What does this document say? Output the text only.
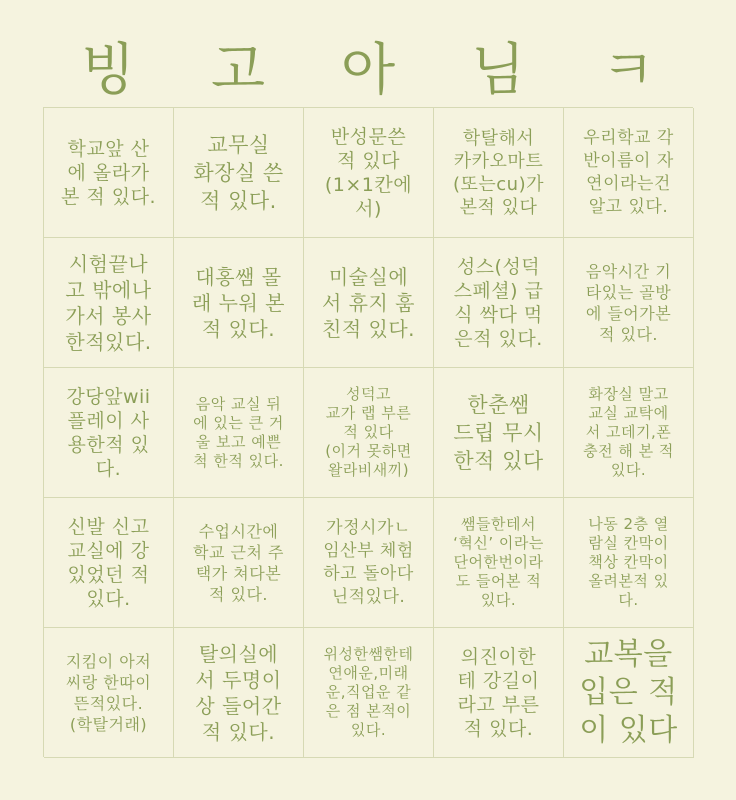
빙	고	아	님	ㅋ
학교앞 산
에 올라가
본 적 있다.
교무실
화장실 쓴
적 있다.
반성문쓴
적 있다
(1×1칸에
서)
학탈해서
카카오마트
(또는cu)가
본적 있다
우리학교 각
반이름이 자
연이라는건
알고 있다.
시험끝나
고 밖에나
가서 봉사
한적있다.
대홍쌤 몰
래 누워 본
적 있다.
미술실에
서 휴지 훔
친적 있다.
성스(성덕
스페셜) 급
식 싹다 먹
은적 있다.
음악시간 기
타있는 골방
에 들어가본
적 있다.
강당앞wii
플레이 사
용한적 있
다.
음악 교실 뒤
에 있는 큰 거
울 보고 예쁜
척 한적 있다.
성덕고
교가 랩 부른
적 있다
(이거 못하면
왈라비새끼)
한춘쌤
드립 무시
한적 있다
화장실 말고
교실 교탁에
서 고데기,폰
충전 해 본 적
있다.
신발 신고
교실에 강
있었던 적
있다.
수업시간에
학교 근처 주
택가 쳐다본
적 있다.
가정시가ㄴ
임산부 체험
하고 돌아다
닌적있다.
쌤들한테서
‘혁신’ 이라는
단어한번이라
도 들어본 적
있다.
나동 2층 열
람실 칸막이
책상 칸막이
올려본적 있
다.
지킴이 아저
씨랑 한따이
뜬적있다.
(학탈거래)
탈의실에
서 두명이
상 들어간
적 있다.
위성한쌤한테
연애운,미래
운,직업운 같
은 점 본적이
있다.
의진이한
테 강길이
라고 부른
적 있다.
교복을
입은 적
이 있다
